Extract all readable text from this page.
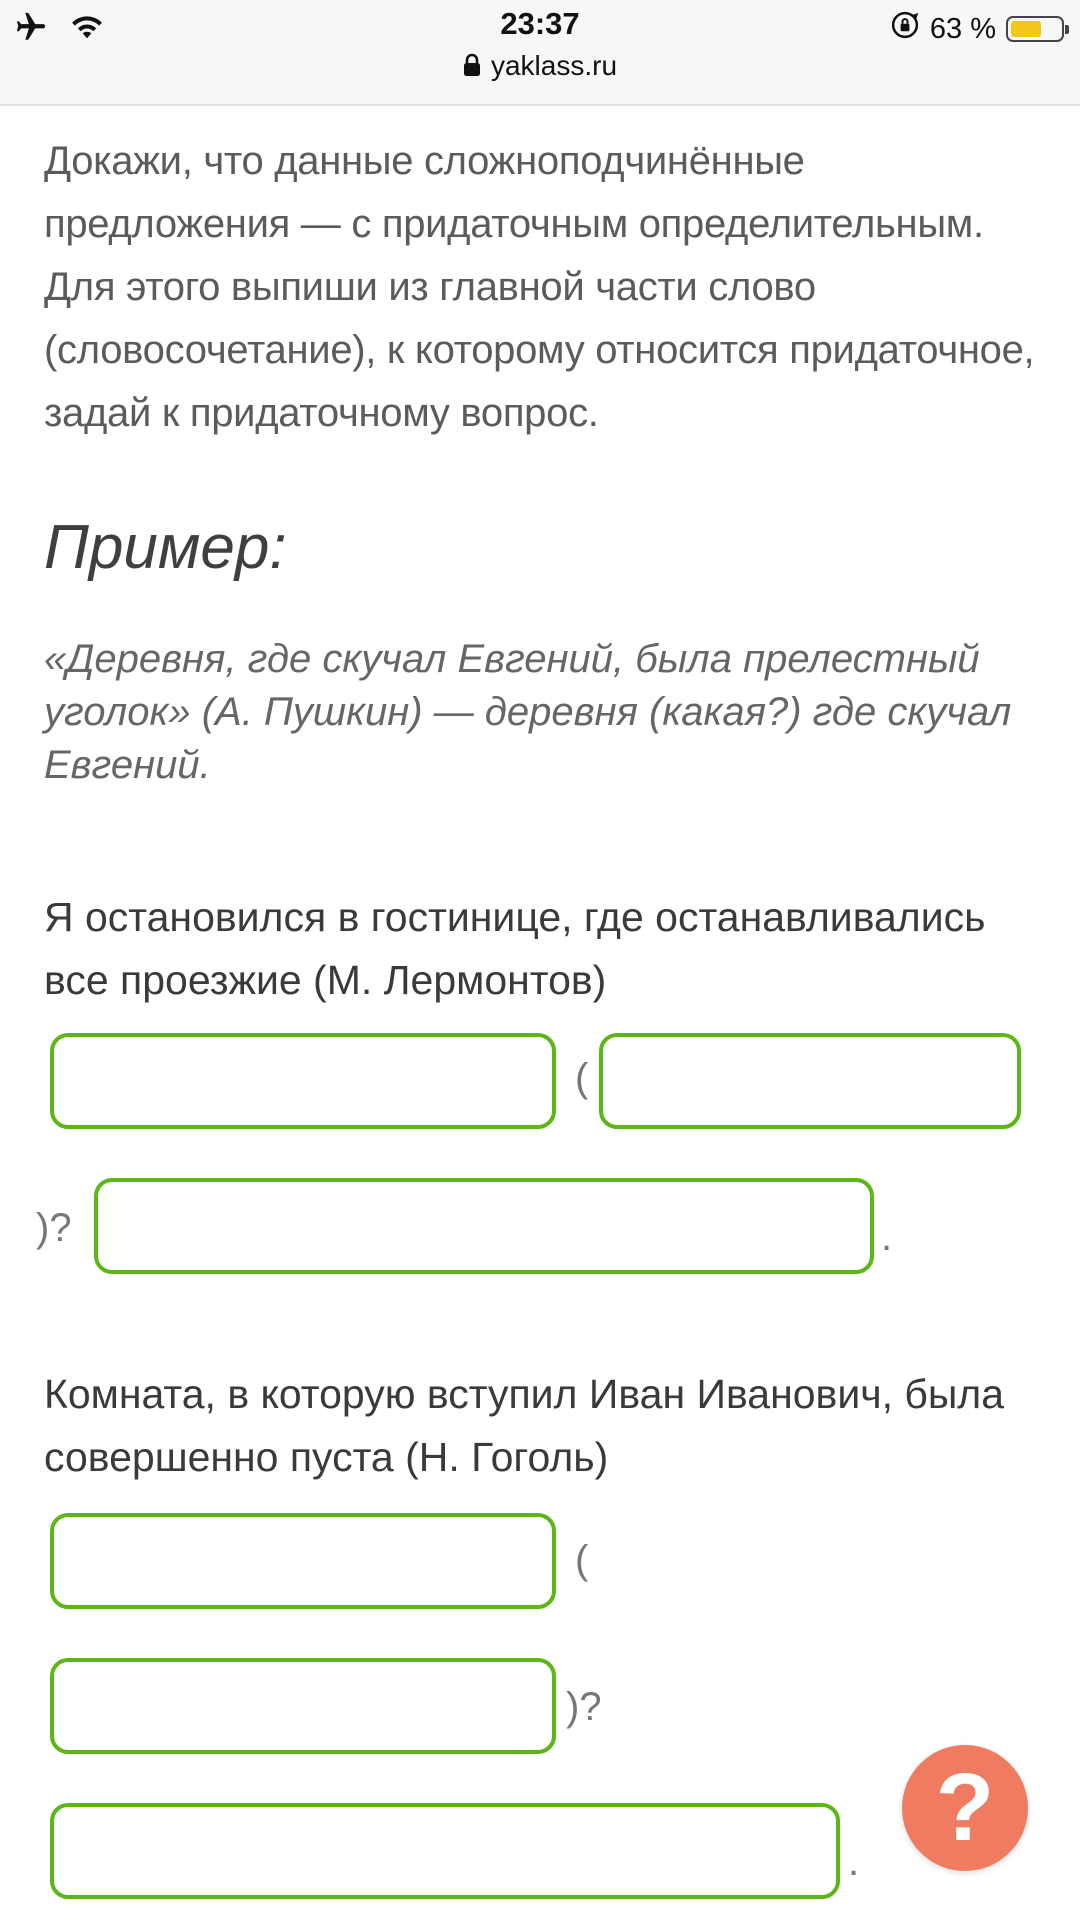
23:37
yaklass.ru
63 %

Докажи, что данные сложноподчинённые предложения — с придаточным определительным. Для этого выпиши из главной части слово (словосочетание), к которому относится придаточное, задай к придаточному вопрос.

Пример:

«Деревня, где скучал Евгений, была прелестный уголок» (А. Пушкин) — деревня (какая?) где скучал Евгений.

Я остановился в гостинице, где останавливались все проезжие (М. Лермонтов)

(
)?	.

Комната, в которую вступил Иван Иванович, была совершенно пуста (Н. Гоголь)

(
)?
.
?
